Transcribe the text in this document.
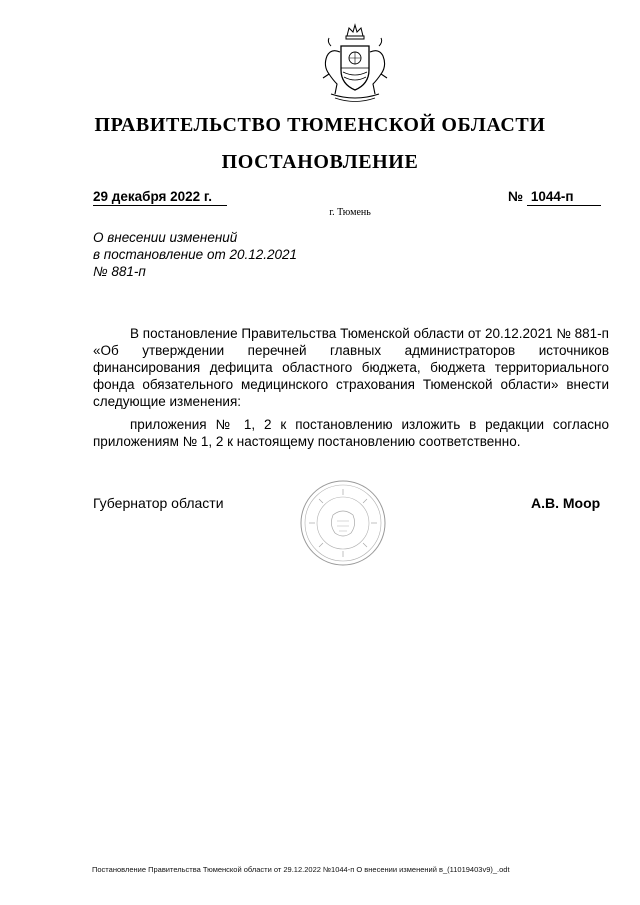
ПРАВИТЕЛЬСТВО ТЮМЕНСКОЙ ОБЛАСТИ
ПОСТАНОВЛЕНИЕ
29 декабря 2022 г.	№ 1044-п
г. Тюмень
О внесении изменений
в постановление от 20.12.2021
№ 881-п

В постановление Правительства Тюменской области от 20.12.2021 № 881-п «Об утверждении перечней главных администраторов источников финансирования дефицита областного бюджета, бюджета территориального фонда обязательного медицинского страхования Тюменской области» внести следующие изменения:

приложения № 1, 2 к постановлению изложить в редакции согласно приложениям № 1, 2 к настоящему постановлению соответственно.

Губернатор области	А.В. Моор
Постановление Правительства Тюменской области от 29.12.2022 №1044-п О внесении изменений в_(11019403v9)_.odt
